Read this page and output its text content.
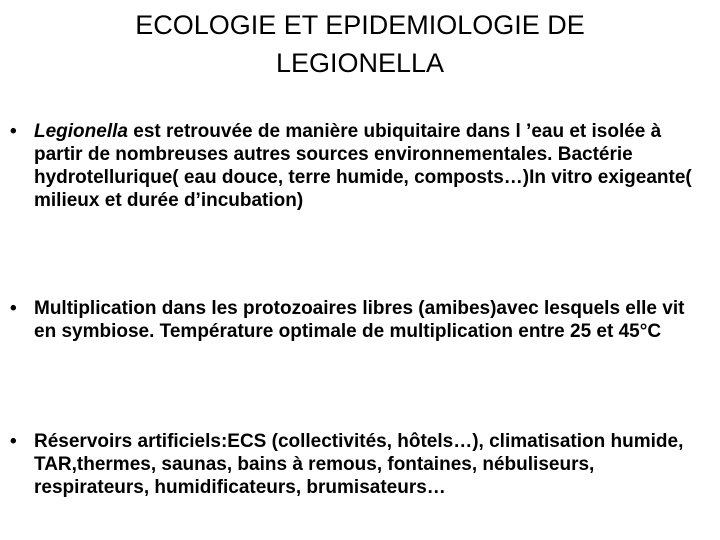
ECOLOGIE ET EPIDEMIOLOGIE DE
LEGIONELLA
• Legionella est retrouvée de manière ubiquitaire dans l ’eau et isolée à partir de nombreuses autres sources environnementales. Bactérie hydrotellurique( eau douce, terre humide, composts…)In vitro exigeante( milieux et durée d’incubation)
• Multiplication dans les protozoaires libres (amibes)avec lesquels elle vit en symbiose. Température optimale de multiplication entre 25 et 45°C
• Réservoirs artificiels:ECS (collectivités, hôtels…), climatisation humide, TAR,thermes, saunas, bains à remous, fontaines, nébuliseurs, respirateurs, humidificateurs, brumisateurs…
